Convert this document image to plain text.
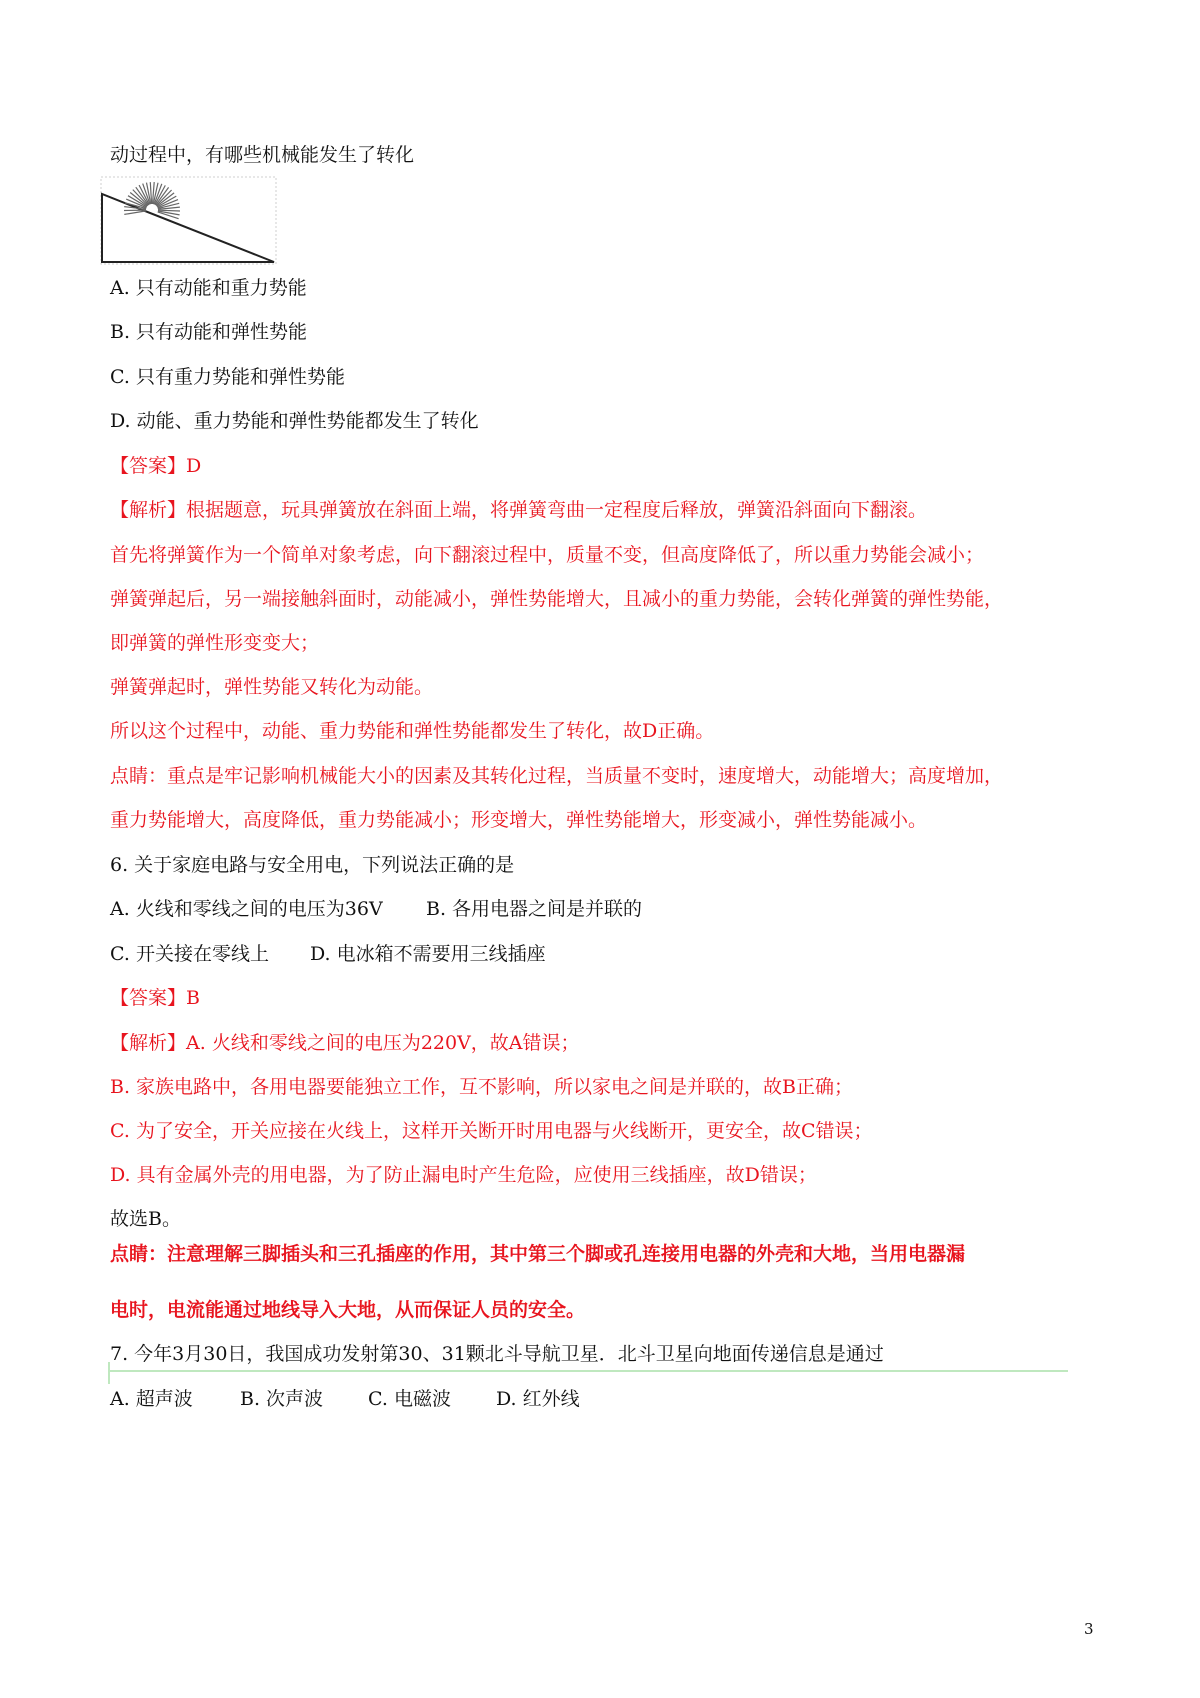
动过程中，有哪些机械能发生了转化
A. 只有动能和重力势能
B. 只有动能和弹性势能
C. 只有重力势能和弹性势能
D. 动能、重力势能和弹性势能都发生了转化
【答案】D
【解析】根据题意，玩具弹簧放在斜面上端，将弹簧弯曲一定程度后释放，弹簧沿斜面向下翻滚。
首先将弹簧作为一个简单对象考虑，向下翻滚过程中，质量不变，但高度降低了，所以重力势能会减小；
弹簧弹起后，另一端接触斜面时，动能减小，弹性势能增大，且减小的重力势能，会转化弹簧的弹性势能，
即弹簧的弹性形变变大；
弹簧弹起时，弹性势能又转化为动能。
所以这个过程中，动能、重力势能和弹性势能都发生了转化，故D正确。
点睛：重点是牢记影响机械能大小的因素及其转化过程，当质量不变时，速度增大，动能增大；高度增加，
重力势能增大，高度降低，重力势能减小；形变增大，弹性势能增大，形变减小，弹性势能减小。
6. 关于家庭电路与安全用电，下列说法正确的是
A. 火线和零线之间的电压为36V B. 各用电器之间是并联的
C. 开关接在零线上 D. 电冰箱不需要用三线插座
【答案】B
【解析】A. 火线和零线之间的电压为220V，故A错误；
B. 家族电路中，各用电器要能独立工作，互不影响，所以家电之间是并联的，故B正确；
C. 为了安全，开关应接在火线上，这样开关断开时用电器与火线断开，更安全，故C错误；
D. 具有金属外壳的用电器，为了防止漏电时产生危险，应使用三线插座，故D错误；
故选B。
点睛：注意理解三脚插头和三孔插座的作用，其中第三个脚或孔连接用电器的外壳和大地，当用电器漏
电时，电流能通过地线导入大地，从而保证人员的安全。
7. 今年3月30日，我国成功发射第30、31颗北斗导航卫星．北斗卫星向地面传递信息是通过
A. 超声波 B. 次声波 C. 电磁波 D. 红外线
3
